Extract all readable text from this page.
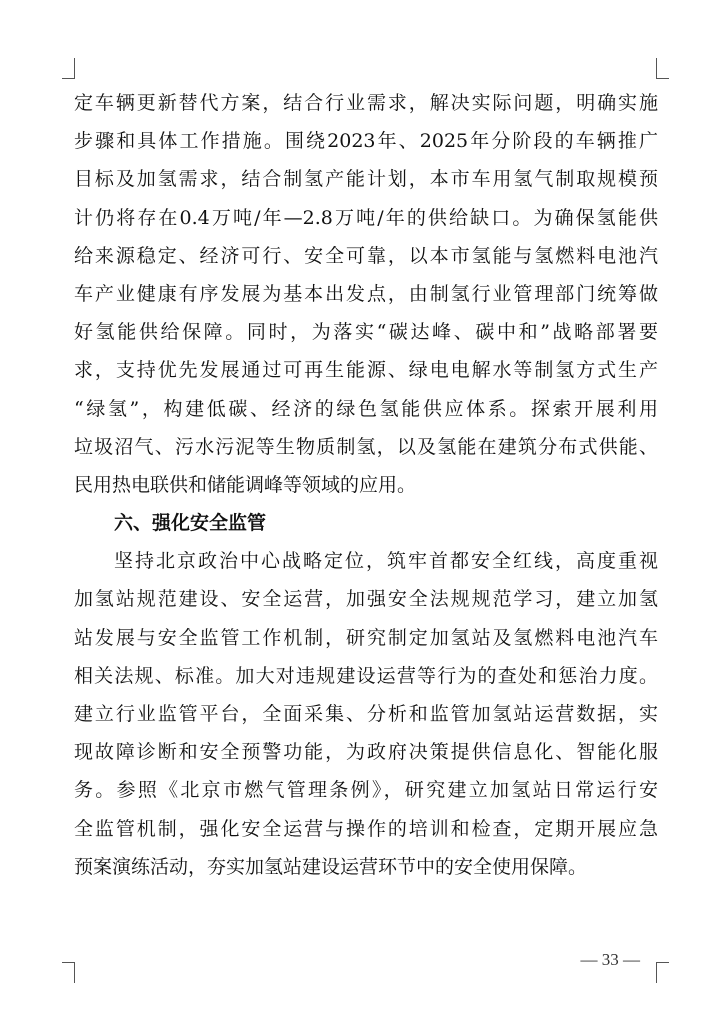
定车辆更新替代方案，结合行业需求，解决实际问题，明确实施
步骤和具体工作措施。围绕2023年、2025年分阶段的车辆推广
目标及加氢需求，结合制氢产能计划，本市车用氢气制取规模预
计仍将存在0.4万吨/年—2.8万吨/年的供给缺口。为确保氢能供
给来源稳定、经济可行、安全可靠，以本市氢能与氢燃料电池汽
车产业健康有序发展为基本出发点，由制氢行业管理部门统筹做
好氢能供给保障。同时，为落实“碳达峰、碳中和”战略部署要
求，支持优先发展通过可再生能源、绿电电解水等制氢方式生产
“绿氢”，构建低碳、经济的绿色氢能供应体系。探索开展利用
垃圾沼气、污水污泥等生物质制氢，以及氢能在建筑分布式供能、
民用热电联供和储能调峰等领域的应用。
六、强化安全监管
坚持北京政治中心战略定位，筑牢首都安全红线，高度重视
加氢站规范建设、安全运营，加强安全法规规范学习，建立加氢
站发展与安全监管工作机制，研究制定加氢站及氢燃料电池汽车
相关法规、标准。加大对违规建设运营等行为的查处和惩治力度。
建立行业监管平台，全面采集、分析和监管加氢站运营数据，实
现故障诊断和安全预警功能，为政府决策提供信息化、智能化服
务。参照《北京市燃气管理条例》，研究建立加氢站日常运行安
全监管机制，强化安全运营与操作的培训和检查，定期开展应急
预案演练活动，夯实加氢站建设运营环节中的安全使用保障。
— 33 —
